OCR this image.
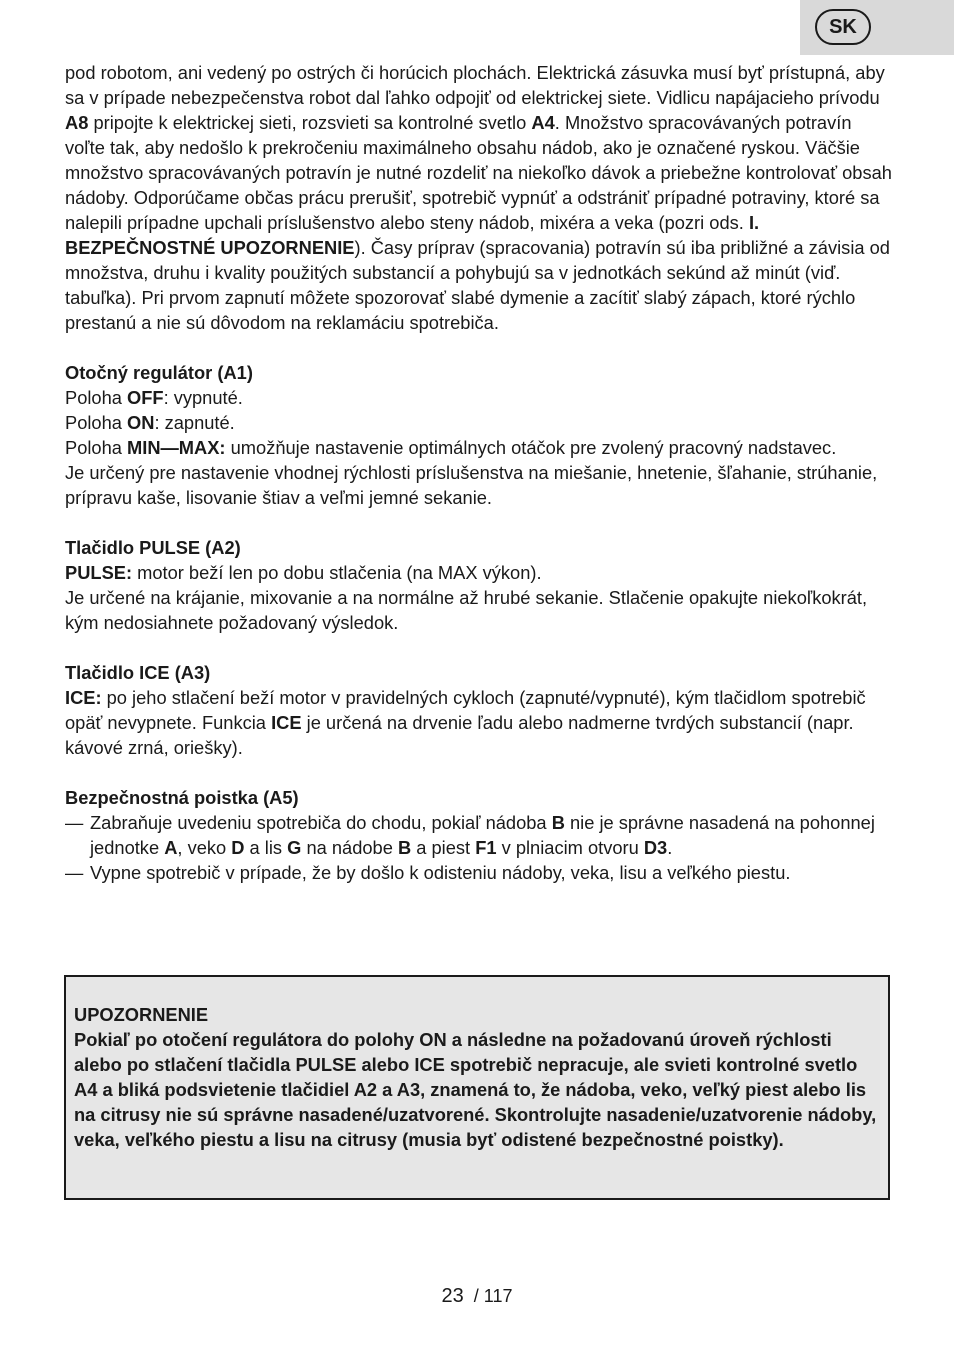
SK

pod robotom, ani vedený po ostrých či horúcich plochách. Elektrická zásuvka musí byť prístupná, aby sa v prípade nebezpečenstva robot dal ľahko odpojiť od elektrickej siete. Vidlicu napájacieho prívodu A8 pripojte k elektrickej sieti, rozsvieti sa kontrolné svetlo A4. Množstvo spracovávaných potravín voľte tak, aby nedošlo k prekročeniu maximálneho obsahu nádob, ako je označené ryskou. Väčšie množstvo spracovávaných potravín je nutné rozdeliť na niekoľko dávok a priebežne kontrolovať obsah nádoby. Odporúčame občas prácu prerušiť, spotrebič vypnúť a odstrániť prípadné potraviny, ktoré sa nalepili prípadne upchali príslušenstvo alebo steny nádob, mixéra a veka (pozri ods. I. BEZPEČNOSTNÉ UPOZORNENIE). Časy príprav (spracovania) potravín sú iba približné a závisia od množstva, druhu i kvality použitých substancií a pohybujú sa v jednotkách sekúnd až minút (viď. tabuľka). Pri prvom zapnutí môžete spozorovať slabé dymenie a zacítiť slabý zápach, ktoré rýchlo prestanú a nie sú dôvodom na reklamáciu spotrebiča.

Otočný regulátor (A1)

Poloha OFF: vypnuté.

Poloha ON: zapnuté.

Poloha MIN—MAX: umožňuje nastavenie optimálnych otáčok pre zvolený pracovný nadstavec.

Je určený pre nastavenie vhodnej rýchlosti príslušenstva na miešanie, hnetenie, šľahanie, strúhanie, prípravu kaše, lisovanie štiav a veľmi jemné sekanie.

Tlačidlo PULSE (A2)

PULSE: motor beží len po dobu stlačenia (na MAX výkon).

Je určené na krájanie, mixovanie a na normálne až hrubé sekanie. Stlačenie opakujte niekoľkokrát, kým nedosiahnete požadovaný výsledok.

Tlačidlo ICE (A3)

ICE: po jeho stlačení beží motor v pravidelných cykloch (zapnuté/vypnuté), kým tlačidlom spotrebič opäť nevypnete. Funkcia ICE je určená na drvenie ľadu alebo nadmerne tvrdých substancií (napr. kávové zrná, oriešky).

Bezpečnostná poistka (A5)

— Zabraňuje uvedeniu spotrebiča do chodu, pokiaľ nádoba B nie je správne nasadená na pohonnej jednotke A, veko D a lis G na nádobe B a piest F1 v plniacim otvoru D3.
— Vypne spotrebič v prípade, že by došlo k odisteniu nádoby, veka, lisu a veľkého piestu.

UPOZORNENIE

Pokiaľ po otočení regulátora do polohy ON a následne na požadovanú úroveň rýchlosti alebo po stlačení tlačidla PULSE alebo ICE spotrebič nepracuje, ale svieti kontrolné svetlo A4 a bliká podsvietenie tlačidiel A2 a A3, znamená to, že nádoba, veko, veľký piest alebo lis na citrusy nie sú správne nasadené/uzatvorené. Skontrolujte nasadenie/uzatvorenie nádoby, veka, veľkého piestu a lisu na citrusy (musia byť odistené bezpečnostné poistky).

23 / 117
